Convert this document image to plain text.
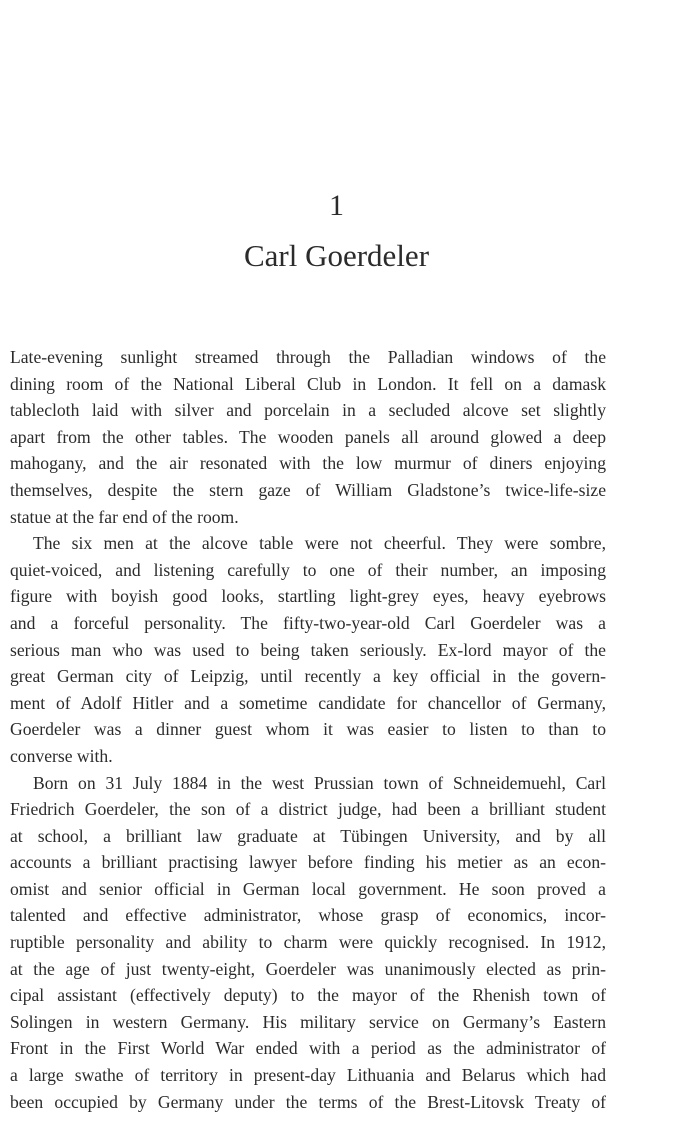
1
Carl Goerdeler
Late-evening sunlight streamed through the Palladian windows of the
dining room of the National Liberal Club in London. It fell on a damask
tablecloth laid with silver and porcelain in a secluded alcove set slightly
apart from the other tables. The wooden panels all around glowed a deep
mahogany, and the air resonated with the low murmur of diners enjoying
themselves, despite the stern gaze of William Gladstone’s twice-life-size
statue at the far end of the room.
The six men at the alcove table were not cheerful. They were sombre,
quiet-voiced, and listening carefully to one of their number, an imposing
figure with boyish good looks, startling light-grey eyes, heavy eyebrows
and a forceful personality. The fifty-two-year-old Carl Goerdeler was a
serious man who was used to being taken seriously. Ex-lord mayor of the
great German city of Leipzig, until recently a key official in the govern-
ment of Adolf Hitler and a sometime candidate for chancellor of Germany,
Goerdeler was a dinner guest whom it was easier to listen to than to
converse with.
Born on 31 July 1884 in the west Prussian town of Schneidemuehl, Carl
Friedrich Goerdeler, the son of a district judge, had been a brilliant student
at school, a brilliant law graduate at Tübingen University, and by all
accounts a brilliant practising lawyer before finding his metier as an econ-
omist and senior official in German local government. He soon proved a
talented and effective administrator, whose grasp of economics, incor-
ruptible personality and ability to charm were quickly recognised. In 1912,
at the age of just twenty-eight, Goerdeler was unanimously elected as prin-
cipal assistant (effectively deputy) to the mayor of the Rhenish town of
Solingen in western Germany. His military service on Germany’s Eastern
Front in the First World War ended with a period as the administrator of
a large swathe of territory in present-day Lithuania and Belarus which had
been occupied by Germany under the terms of the Brest-Litovsk Treaty of
